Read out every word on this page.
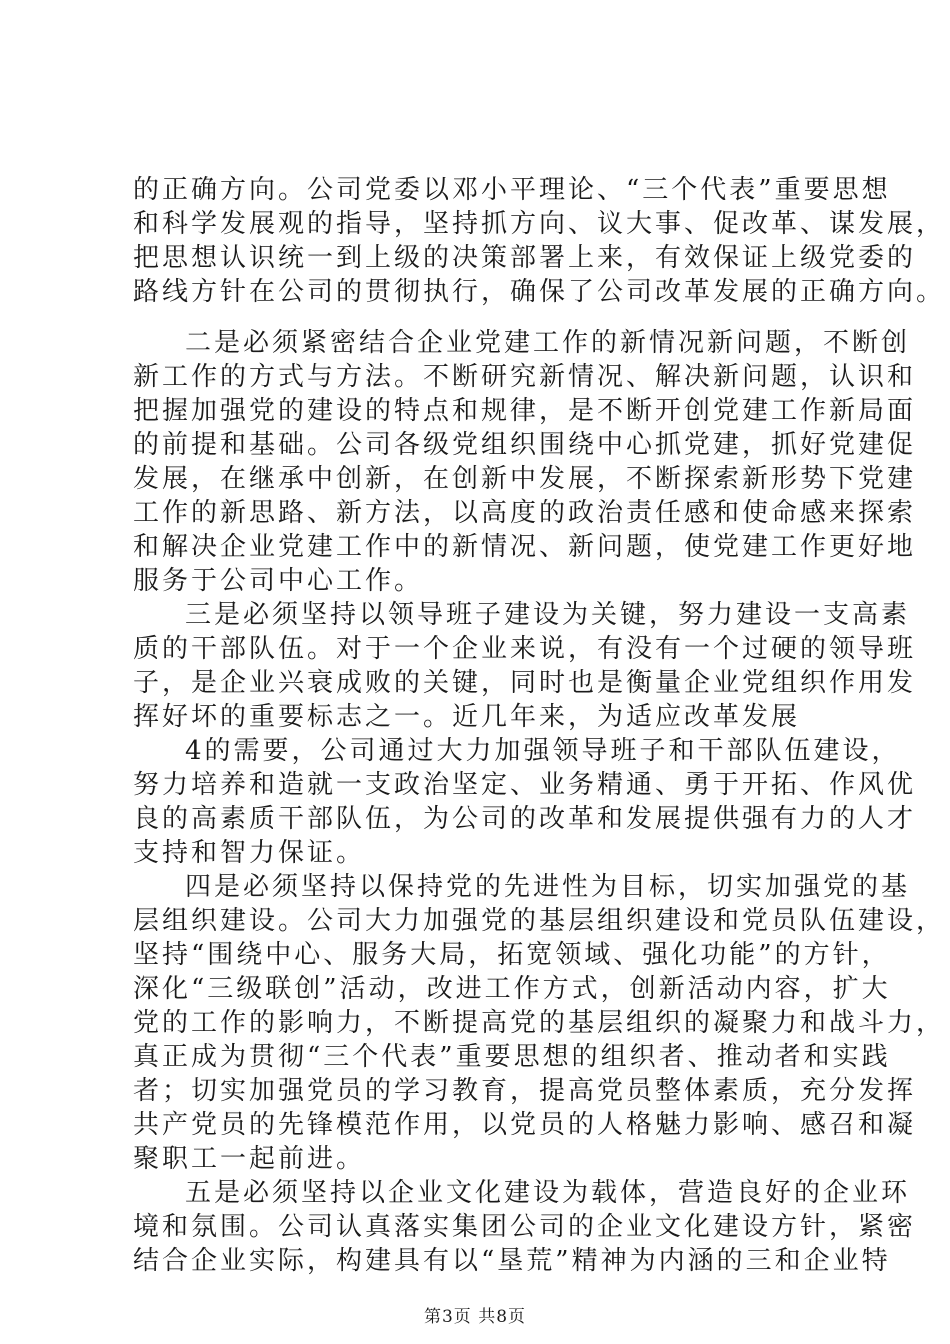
的正确方向。公司党委以邓小平理论、“三个代表”重要思想
和科学发展观的指导，坚持抓方向、议大事、促改革、谋发展，
把思想认识统一到上级的决策部署上来，有效保证上级党委的
路线方针在公司的贯彻执行，确保了公司改革发展的正确方向。
二是必须紧密结合企业党建工作的新情况新问题，不断创
新工作的方式与方法。不断研究新情况、解决新问题，认识和
把握加强党的建设的特点和规律，是不断开创党建工作新局面
的前提和基础。公司各级党组织围绕中心抓党建，抓好党建促
发展，在继承中创新，在创新中发展，不断探索新形势下党建
工作的新思路、新方法，以高度的政治责任感和使命感来探索
和解决企业党建工作中的新情况、新问题，使党建工作更好地
服务于公司中心工作。
三是必须坚持以领导班子建设为关键，努力建设一支高素
质的干部队伍。对于一个企业来说，有没有一个过硬的领导班
子，是企业兴衰成败的关键，同时也是衡量企业党组织作用发
挥好坏的重要标志之一。近几年来，为适应改革发展
4的需要，公司通过大力加强领导班子和干部队伍建设，
努力培养和造就一支政治坚定、业务精通、勇于开拓、作风优
良的高素质干部队伍，为公司的改革和发展提供强有力的人才
支持和智力保证。
四是必须坚持以保持党的先进性为目标，切实加强党的基
层组织建设。公司大力加强党的基层组织建设和党员队伍建设，
坚持“围绕中心、服务大局，拓宽领域、强化功能”的方针，
深化“三级联创”活动，改进工作方式，创新活动内容，扩大
党的工作的影响力，不断提高党的基层组织的凝聚力和战斗力，
真正成为贯彻“三个代表”重要思想的组织者、推动者和实践
者；切实加强党员的学习教育，提高党员整体素质，充分发挥
共产党员的先锋模范作用，以党员的人格魅力影响、感召和凝
聚职工一起前进。
五是必须坚持以企业文化建设为载体，营造良好的企业环
境和氛围。公司认真落实集团公司的企业文化建设方针，紧密
结合企业实际，构建具有以“垦荒”精神为内涵的三和企业特
第3页 共8页
